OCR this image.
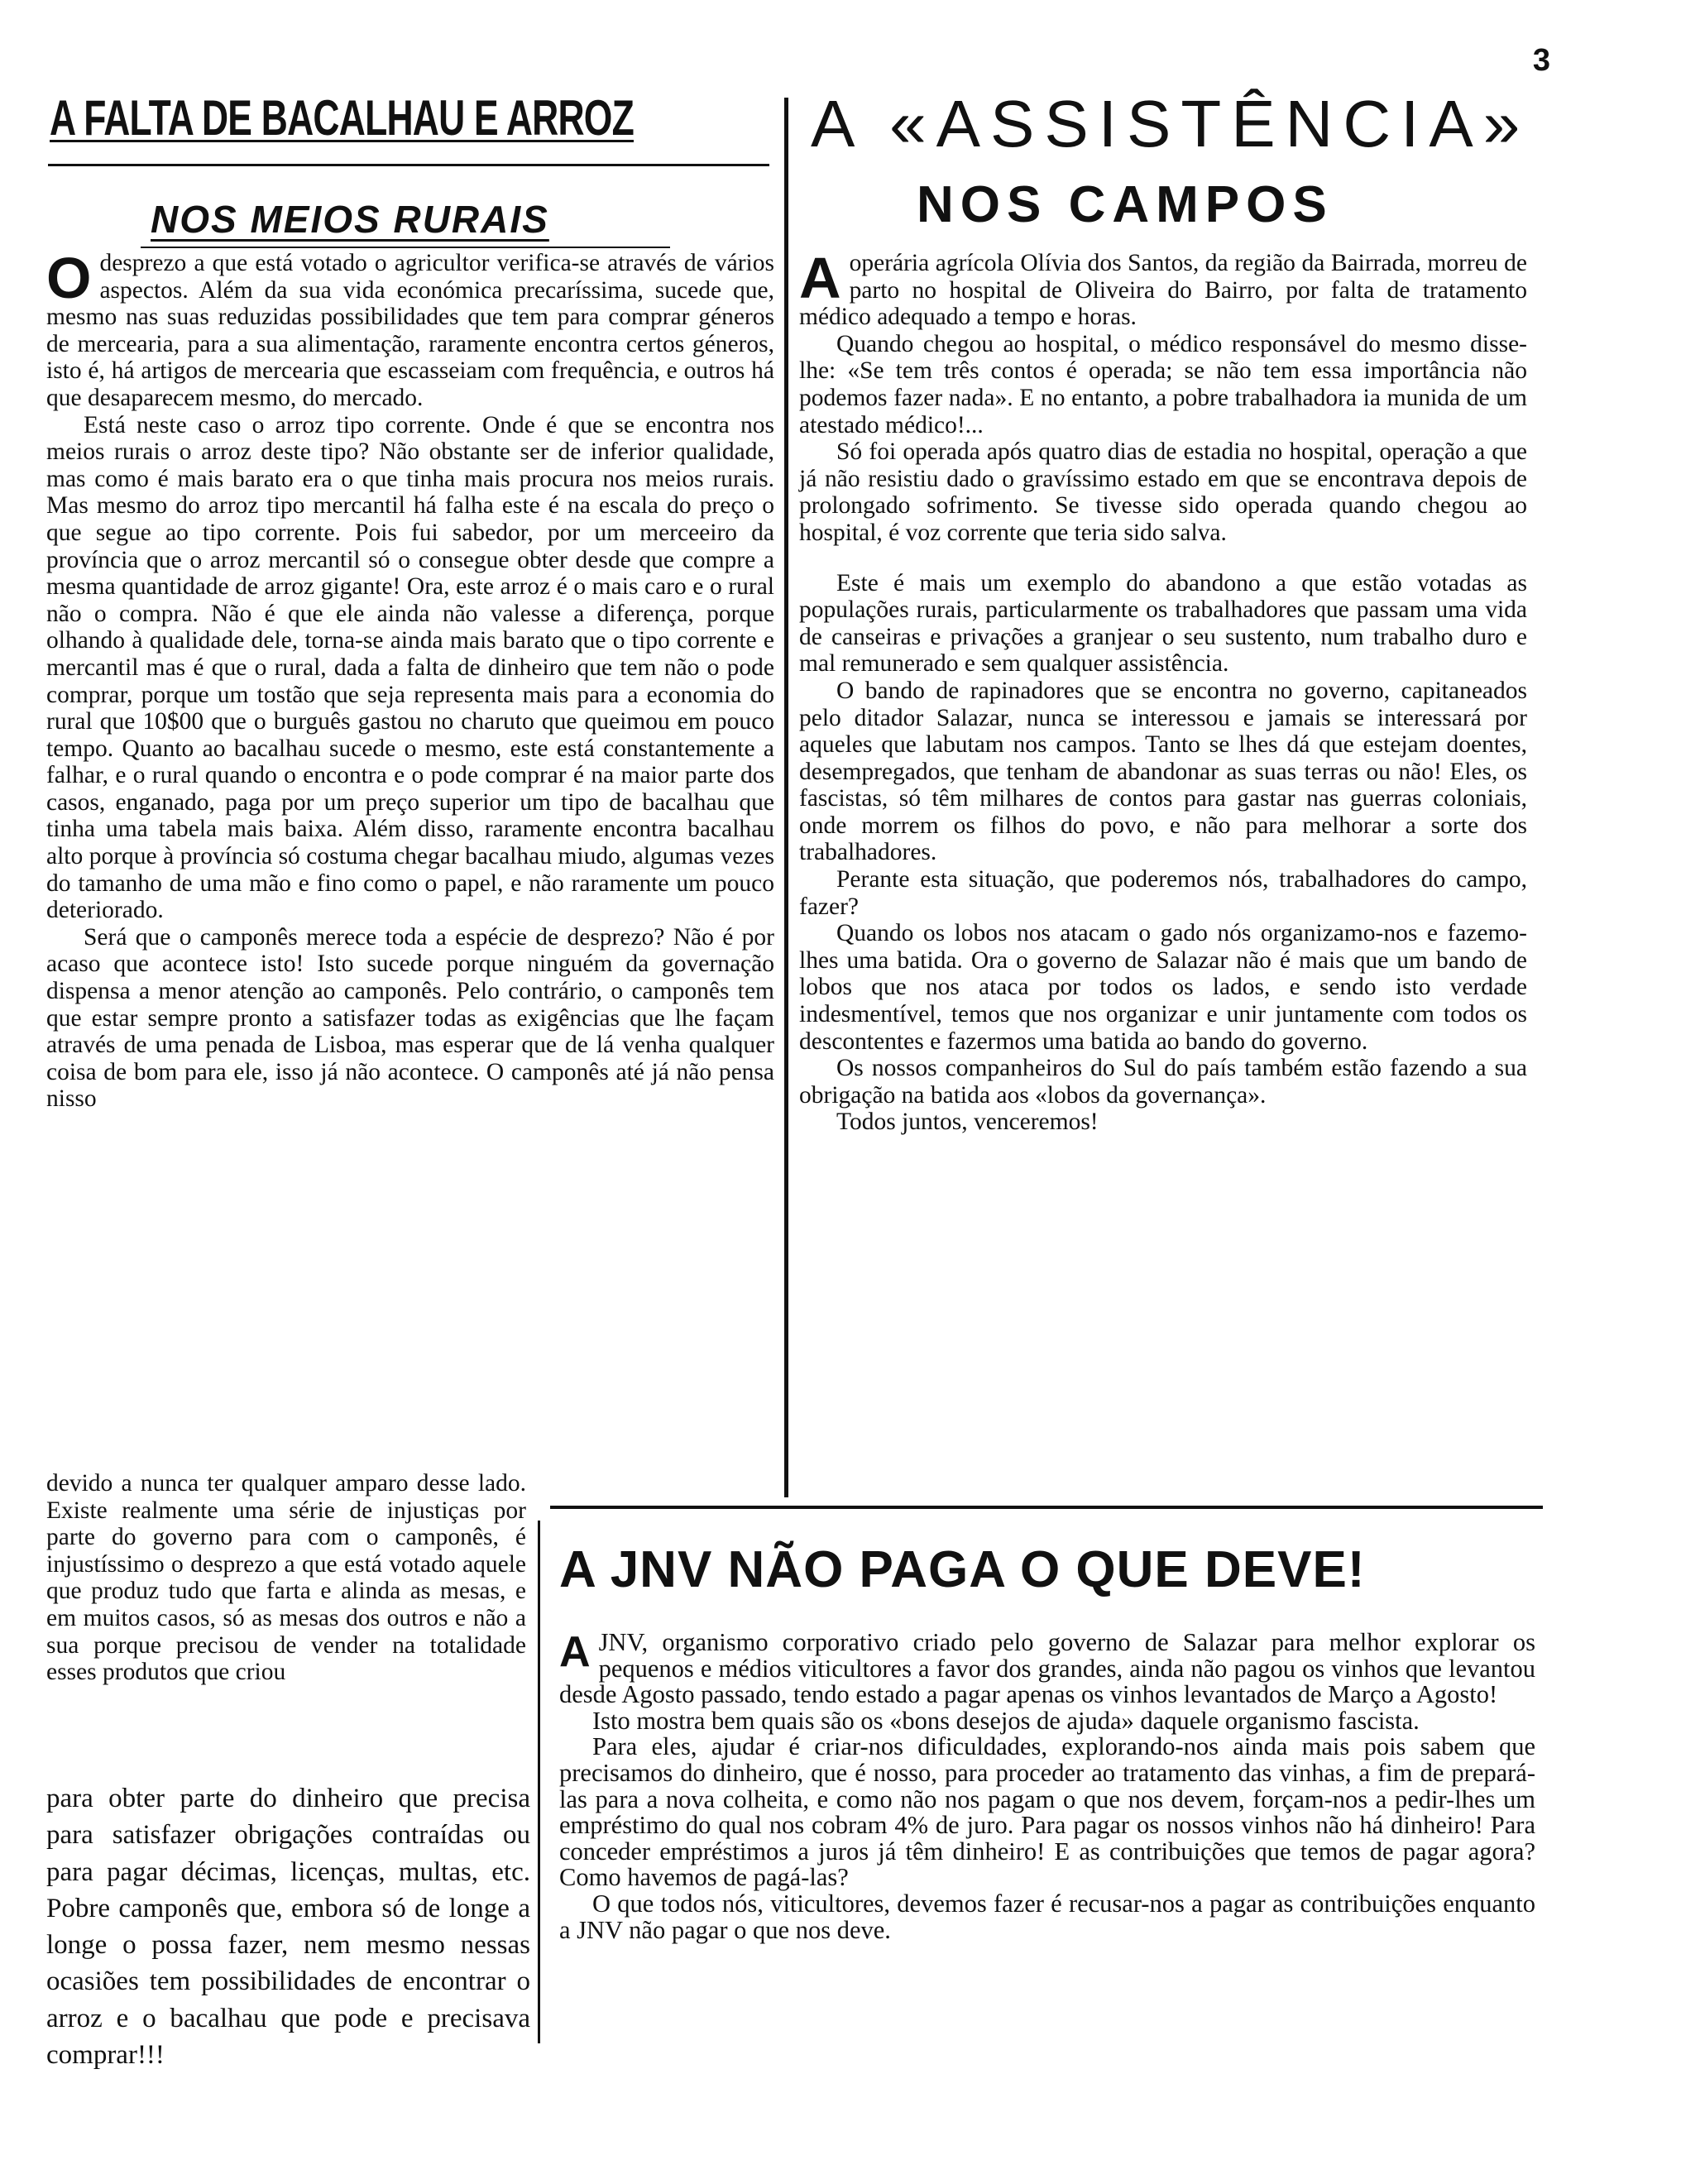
3
A FALTA DE BACALHAU E ARROZ
NOS MEIOS RURAIS

Odesprezo a que está votado o agricultor verifica-se através de vários aspectos. Além da sua vida económica precaríssima, sucede que, mesmo nas suas reduzidas possibilidades que tem para comprar géneros de mercearia, para a sua alimentação, raramente encontra certos géneros, isto é, há artigos de mercearia que escasseiam com frequência, e outros há que desaparecem mesmo, do mercado.

Está neste caso o arroz tipo corrente. Onde é que se encontra nos meios rurais o arroz deste tipo? Não obstante ser de inferior qualidade, mas como é mais barato era o que tinha mais procura nos meios rurais. Mas mesmo do arroz tipo mercantil há falha este é na escala do preço o que segue ao tipo corrente. Pois fui sabedor, por um merceeiro da província que o arroz mercantil só o consegue obter desde que compre a mesma quantidade de arroz gigante! Ora, este arroz é o mais caro e o rural não o compra. Não é que ele ainda não valesse a diferença, porque olhando à qualidade dele, torna-se ainda mais barato que o tipo corrente e mercantil mas é que o rural, dada a falta de dinheiro que tem não o pode comprar, porque um tostão que seja representa mais para a economia do rural que 10$00 que o burguês gastou no charuto que queimou em pouco tempo. Quanto ao bacalhau sucede o mesmo, este está constantemente a falhar, e o rural quando o encontra e o pode comprar é na maior parte dos casos, enganado, paga por um preço superior um tipo de bacalhau que tinha uma tabela mais baixa. Além disso, raramente encontra bacalhau alto porque à província só costuma chegar bacalhau miudo, algumas vezes do tamanho de uma mão e fino como o papel, e não raramente um pouco deteriorado.

Será que o camponês merece toda a espécie de desprezo? Não é por acaso que acontece isto! Isto sucede porque ninguém da governação dispensa a menor atenção ao camponês. Pelo contrário, o camponês tem que estar sempre pronto a satisfazer todas as exigências que lhe façam através de uma penada de Lisboa, mas esperar que de lá venha qualquer coisa de bom para ele, isso já não acontece. O camponês até já não pensa nisso

devido a nunca ter qualquer amparo desse lado. Existe realmente uma série de injustiças por parte do governo para com o camponês, é injustíssimo o desprezo a que está votado aquele que produz tudo que farta e alinda as mesas, e em muitos casos, só as mesas dos outros e não a sua porque precisou de vender na totalidade esses produtos que criou

para obter parte do dinheiro que precisa para satisfazer obrigações contraídas ou para pagar décimas, licenças, multas, etc. Pobre camponês que, embora só de longe a longe o possa fazer, nem mesmo nessas ocasiões tem possibilidades de encontrar o arroz e o bacalhau que pode e precisava comprar!!!
A «ASSISTÊNCIA»
NOS CAMPOS

Aoperária agrícola Olívia dos Santos, da região da Bairrada, morreu de parto no hospital de Oliveira do Bairro, por falta de tratamento médico adequado a tempo e horas.

Quando chegou ao hospital, o médico responsável do mesmo disse-lhe: «Se tem três contos é operada; se não tem essa importância não podemos fazer nada». E no entanto, a pobre trabalhadora ia munida de um atestado médico!...

Só foi operada após quatro dias de estadia no hospital, operação a que já não resistiu dado o gravíssimo estado em que se encontrava depois de prolongado sofrimento. Se tivesse sido operada quando chegou ao hospital, é voz corrente que teria sido salva.

Este é mais um exemplo do abandono a que estão votadas as populações rurais, particularmente os trabalhadores que passam uma vida de canseiras e privações a granjear o seu sustento, num trabalho duro e mal remunerado e sem qualquer assistência.

O bando de rapinadores que se encontra no governo, capitaneados pelo ditador Salazar, nunca se interessou e jamais se interessará por aqueles que labutam nos campos. Tanto se lhes dá que estejam doentes, desempregados, que tenham de abandonar as suas terras ou não! Eles, os fascistas, só têm milhares de contos para gastar nas guerras coloniais, onde morrem os filhos do povo, e não para melhorar a sorte dos trabalhadores.

Perante esta situação, que poderemos nós, trabalhadores do campo, fazer?

Quando os lobos nos atacam o gado nós organizamo-nos e fazemo-lhes uma batida. Ora o governo de Salazar não é mais que um bando de lobos que nos ataca por todos os lados, e sendo isto verdade indesmentível, temos que nos organizar e unir juntamente com todos os descontentes e fazermos uma batida ao bando do governo.

Os nossos companheiros do Sul do país também estão fazendo a sua obrigação na batida aos «lobos da governança».

Todos juntos, venceremos!

A JNV NÃO PAGA O QUE DEVE!

AJNV, organismo corporativo criado pelo governo de Salazar para melhor explorar os pequenos e médios viticultores a favor dos grandes, ainda não pagou os vinhos que levantou desde Agosto passado, tendo estado a pagar apenas os vinhos levantados de Março a Agosto!

Isto mostra bem quais são os «bons desejos de ajuda» daquele organismo fascista.

Para eles, ajudar é criar-nos dificuldades, explorando-nos ainda mais pois sabem que precisamos do dinheiro, que é nosso, para proceder ao tratamento das vinhas, a fim de prepará-las para a nova colheita, e como não nos pagam o que nos devem, forçam-nos a pedir-lhes um empréstimo do qual nos cobram 4% de juro. Para pagar os nossos vinhos não há dinheiro! Para conceder empréstimos a juros já têm dinheiro! E as contribuições que temos de pagar agora? Como havemos de pagá-las?

O que todos nós, viticultores, devemos fazer é recusar-nos a pagar as contribuições enquanto a JNV não pagar o que nos deve.
